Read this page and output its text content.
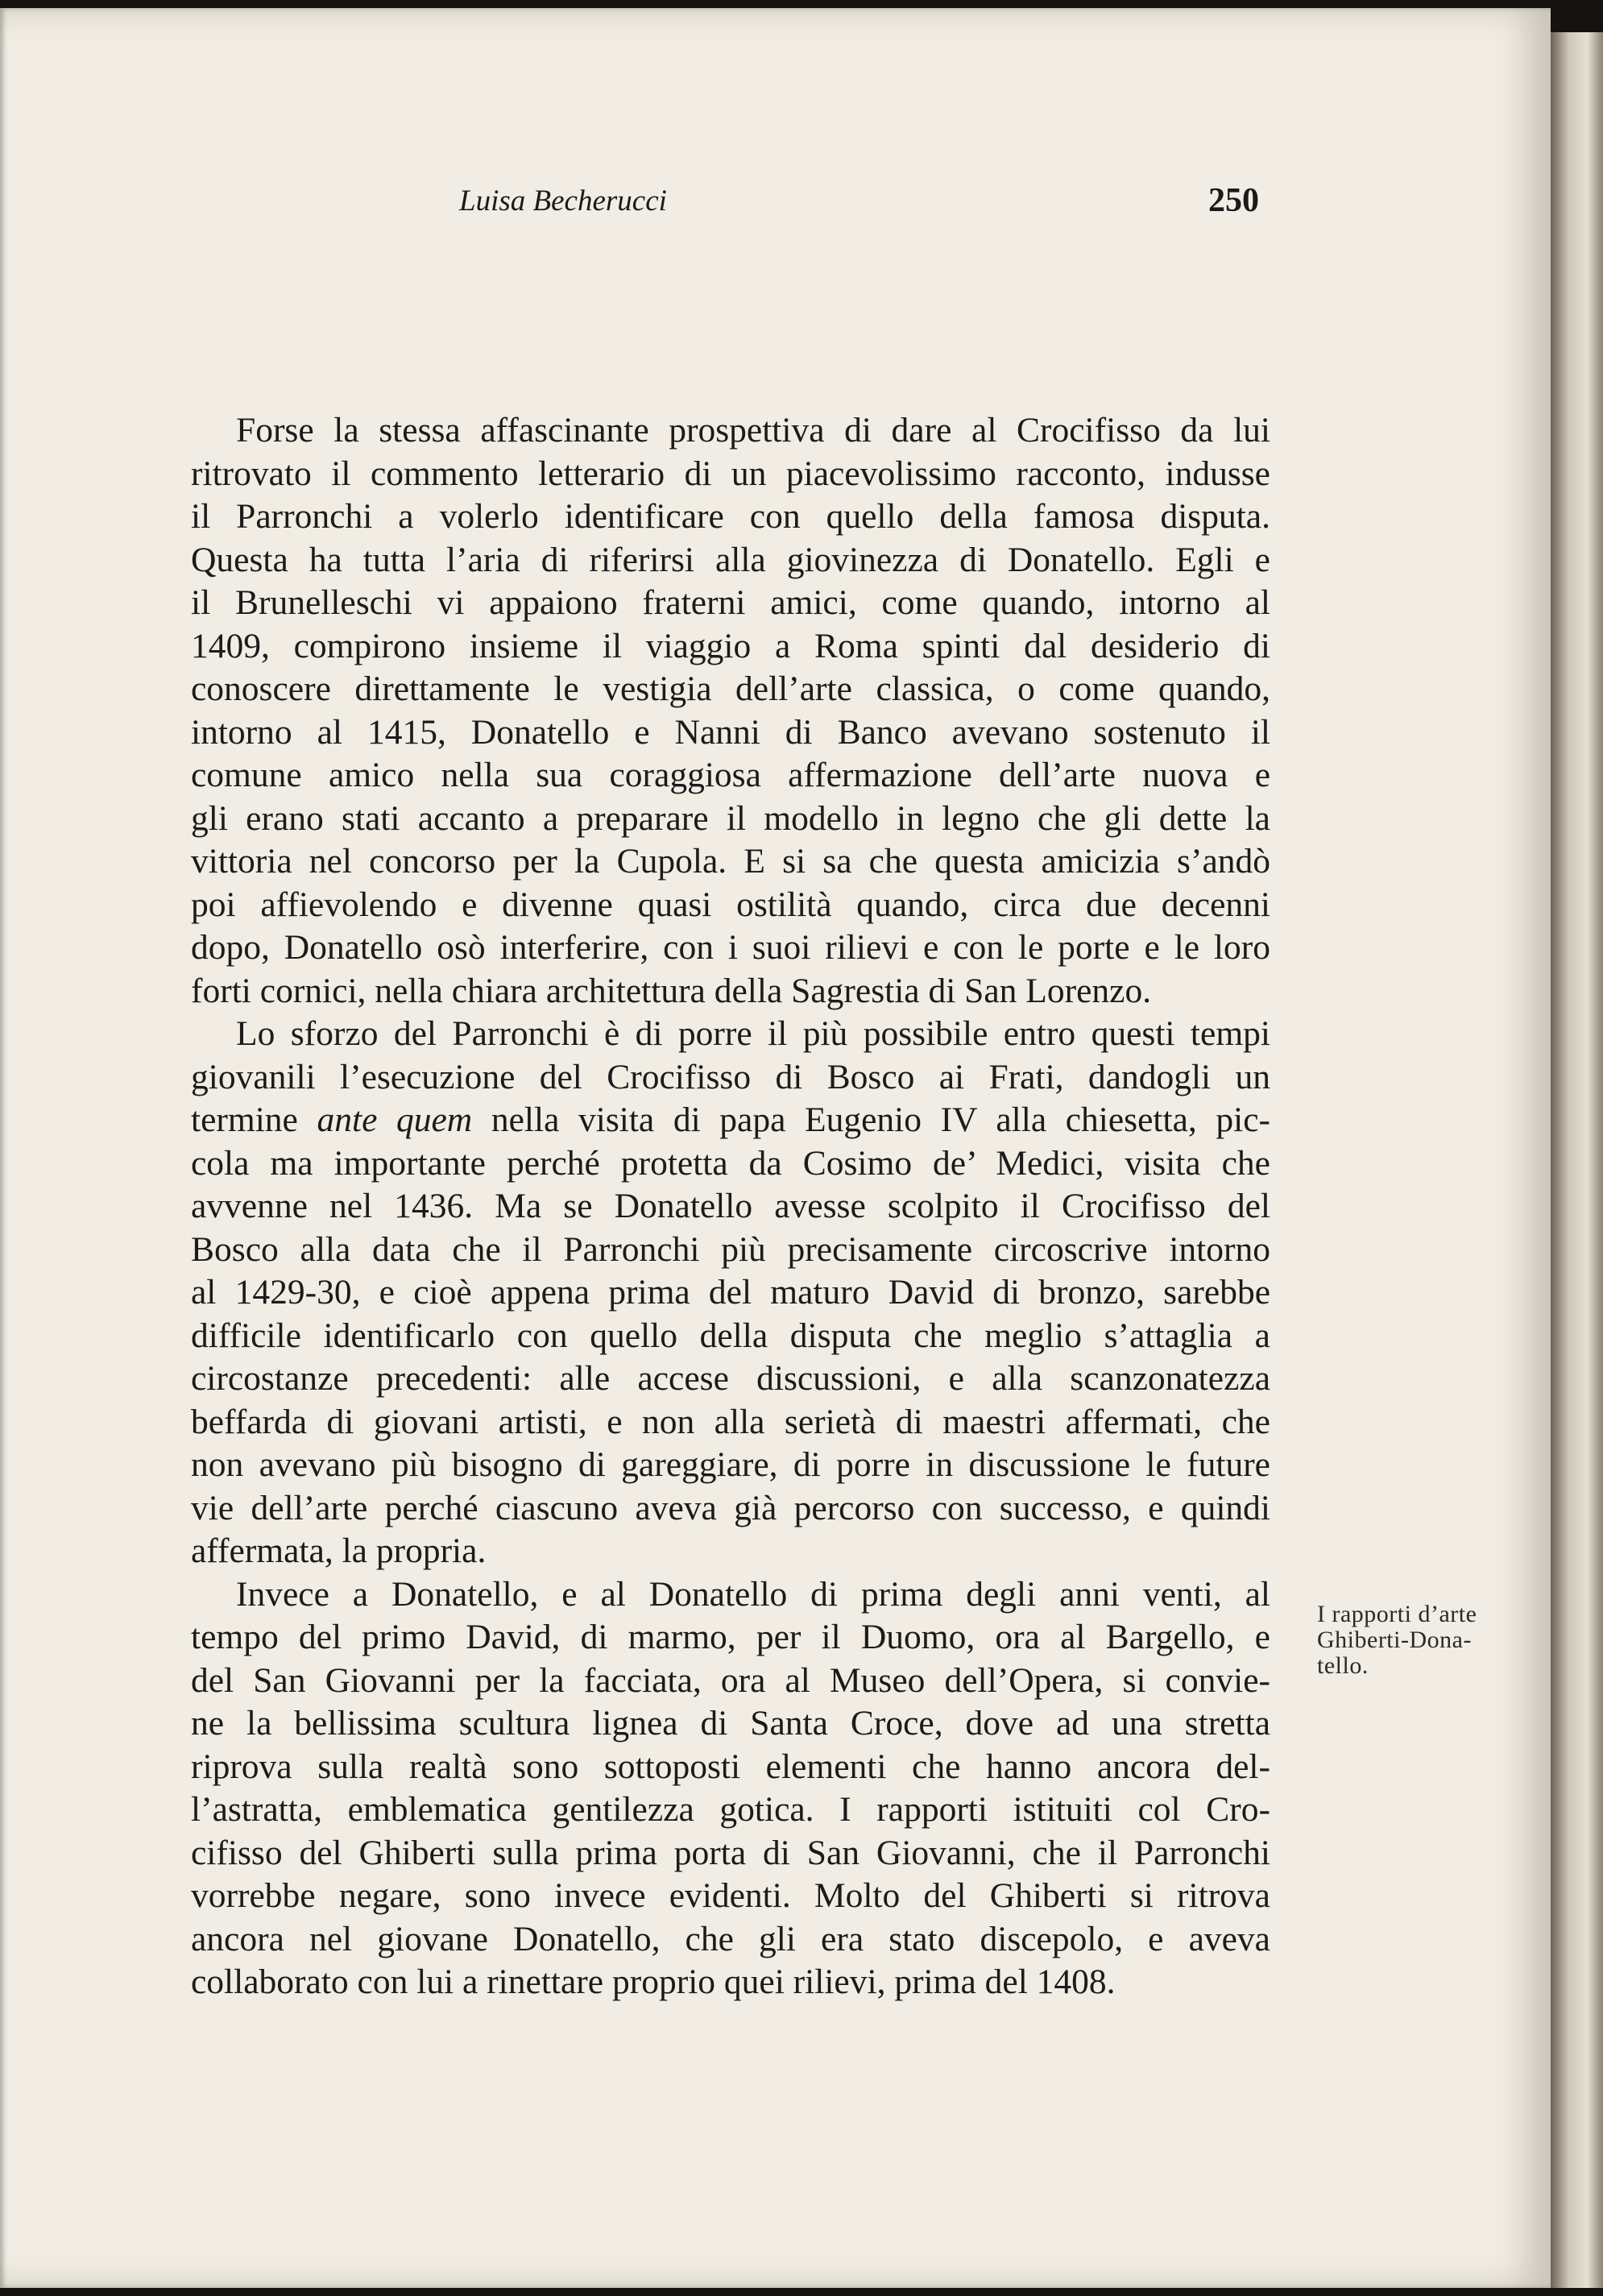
Luisa Becherucci	250

Forse la stessa affascinante prospettiva di dare al Crocifisso da lui
ritrovato il commento letterario di un piacevolissimo racconto, indusse
il Parronchi a volerlo identificare con quello della famosa disputa.
Questa ha tutta l’aria di riferirsi alla giovinezza di Donatello. Egli e
il Brunelleschi vi appaiono fraterni amici, come quando, intorno al
1409, compirono insieme il viaggio a Roma spinti dal desiderio di
conoscere direttamente le vestigia dell’arte classica, o come quando,
intorno al 1415, Donatello e Nanni di Banco avevano sostenuto il
comune amico nella sua coraggiosa affermazione dell’arte nuova e
gli erano stati accanto a preparare il modello in legno che gli dette la
vittoria nel concorso per la Cupola. E si sa che questa amicizia s’andò
poi affievolendo e divenne quasi ostilità quando, circa due decenni
dopo, Donatello osò interferire, con i suoi rilievi e con le porte e le loro
forti cornici, nella chiara architettura della Sagrestia di San Lorenzo.
Lo sforzo del Parronchi è di porre il più possibile entro questi tempi
giovanili l’esecuzione del Crocifisso di Bosco ai Frati, dandogli un
termine ante quem nella visita di papa Eugenio IV alla chiesetta, pic-
cola ma importante perché protetta da Cosimo de’ Medici, visita che
avvenne nel 1436. Ma se Donatello avesse scolpito il Crocifisso del
Bosco alla data che il Parronchi più precisamente circoscrive intorno
al 1429-30, e cioè appena prima del maturo David di bronzo, sarebbe
difficile identificarlo con quello della disputa che meglio s’attaglia a
circostanze precedenti: alle accese discussioni, e alla scanzonatezza
beffarda di giovani artisti, e non alla serietà di maestri affermati, che
non avevano più bisogno di gareggiare, di porre in discussione le future
vie dell’arte perché ciascuno aveva già percorso con successo, e quindi
affermata, la propria.
Invece a Donatello, e al Donatello di prima degli anni venti, al
tempo del primo David, di marmo, per il Duomo, ora al Bargello, e
del San Giovanni per la facciata, ora al Museo dell’Opera, si convie-
ne la bellissima scultura lignea di Santa Croce, dove ad una stretta
riprova sulla realtà sono sottoposti elementi che hanno ancora del-
l’astratta, emblematica gentilezza gotica. I rapporti istituiti col Cro-
cifisso del Ghiberti sulla prima porta di San Giovanni, che il Parronchi
vorrebbe negare, sono invece evidenti. Molto del Ghiberti si ritrova
ancora nel giovane Donatello, che gli era stato discepolo, e aveva
collaborato con lui a rinettare proprio quei rilievi, prima del 1408.
I rapporti d’arte
Ghiberti-Dona-
tello.
